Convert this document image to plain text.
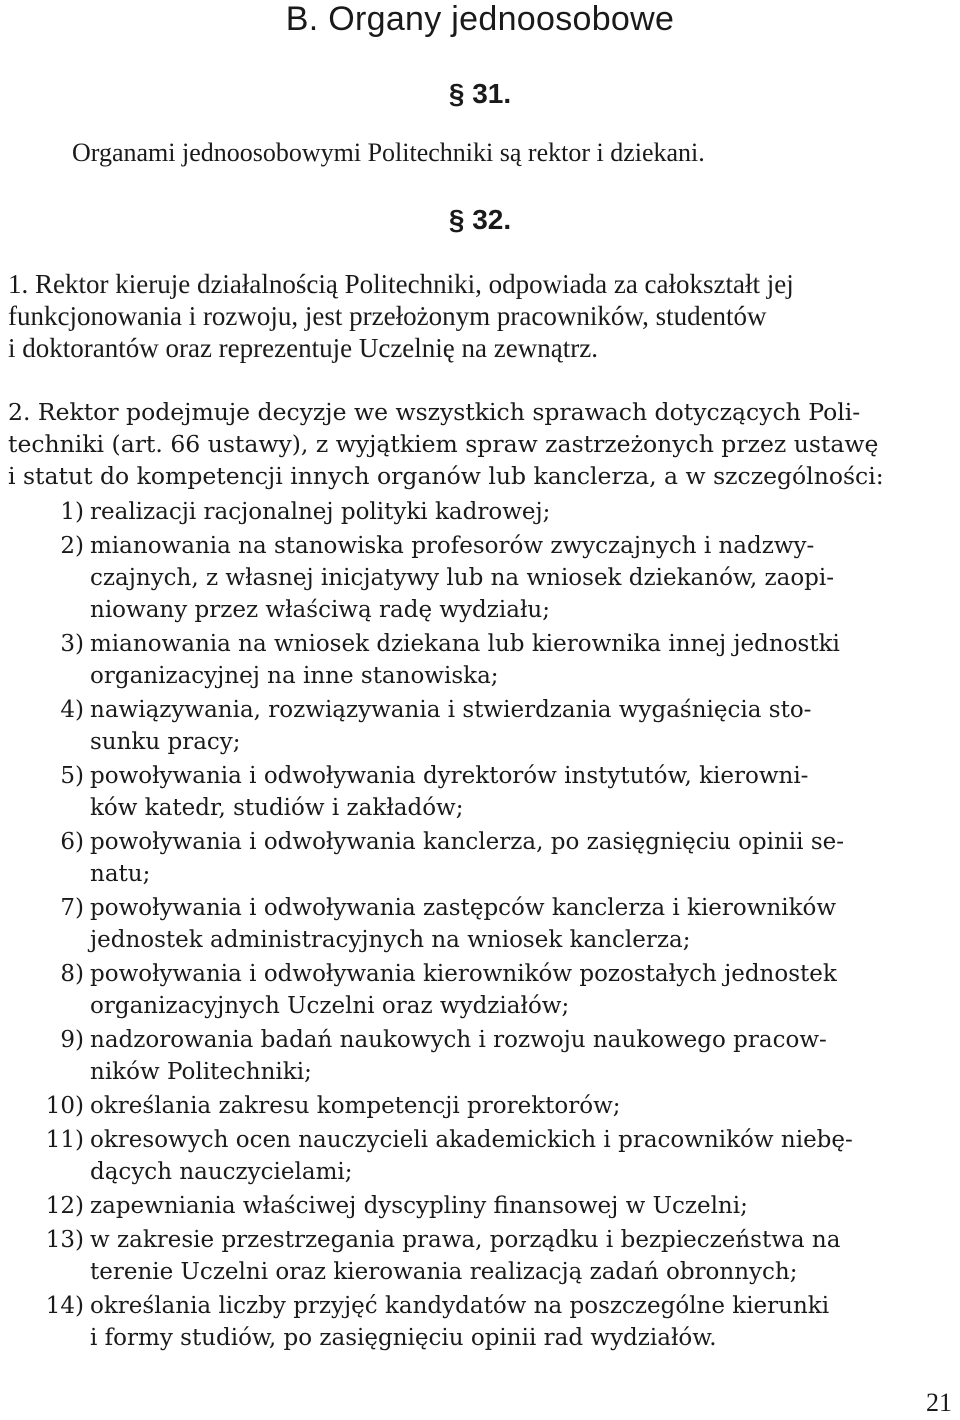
B. Organy jednoosobowe
§ 31.
Organami jednoosobowymi Politechniki są rektor i dziekani.
§ 32.
1. Rektor kieruje działalnością Politechniki, odpowiada za całokształt jej
funkcjonowania i rozwoju, jest przełożonym pracowników, studentów
i doktorantów oraz reprezentuje Uczelnię na zewnątrz.
2. Rektor podejmuje decyzje we wszystkich sprawach dotyczących Poli-
techniki (art. 66 ustawy), z wyjątkiem spraw zastrzeżonych przez ustawę
i statut do kompetencji innych organów lub kanclerza, a w szczególności:
1) realizacji racjonalnej polityki kadrowej;
2) mianowania na stanowiska profesorów zwyczajnych i nadzwy-
czajnych, z własnej inicjatywy lub na wniosek dziekanów, zaopi-
niowany przez właściwą radę wydziału;
3) mianowania na wniosek dziekana lub kierownika innej jednostki
organizacyjnej na inne stanowiska;
4) nawiązywania, rozwiązywania i stwierdzania wygaśnięcia sto-
sunku pracy;
5) powoływania i odwoływania dyrektorów instytutów, kierowni-
ków katedr, studiów i zakładów;
6) powoływania i odwoływania kanclerza, po zasięgnięciu opinii se-
natu;
7) powoływania i odwoływania zastępców kanclerza i kierowników
jednostek administracyjnych na wniosek kanclerza;
8) powoływania i odwoływania kierowników pozostałych jednostek
organizacyjnych Uczelni oraz wydziałów;
9) nadzorowania badań naukowych i rozwoju naukowego pracow-
ników Politechniki;
10) określania zakresu kompetencji prorektorów;
11) okresowych ocen nauczycieli akademickich i pracowników niebę-
dących nauczycielami;
12) zapewniania właściwej dyscypliny finansowej w Uczelni;
13) w zakresie przestrzegania prawa, porządku i bezpieczeństwa na
terenie Uczelni oraz kierowania realizacją zadań obronnych;
14) określania liczby przyjęć kandydatów na poszczególne kierunki
i formy studiów, po zasięgnięciu opinii rad wydziałów.
21
